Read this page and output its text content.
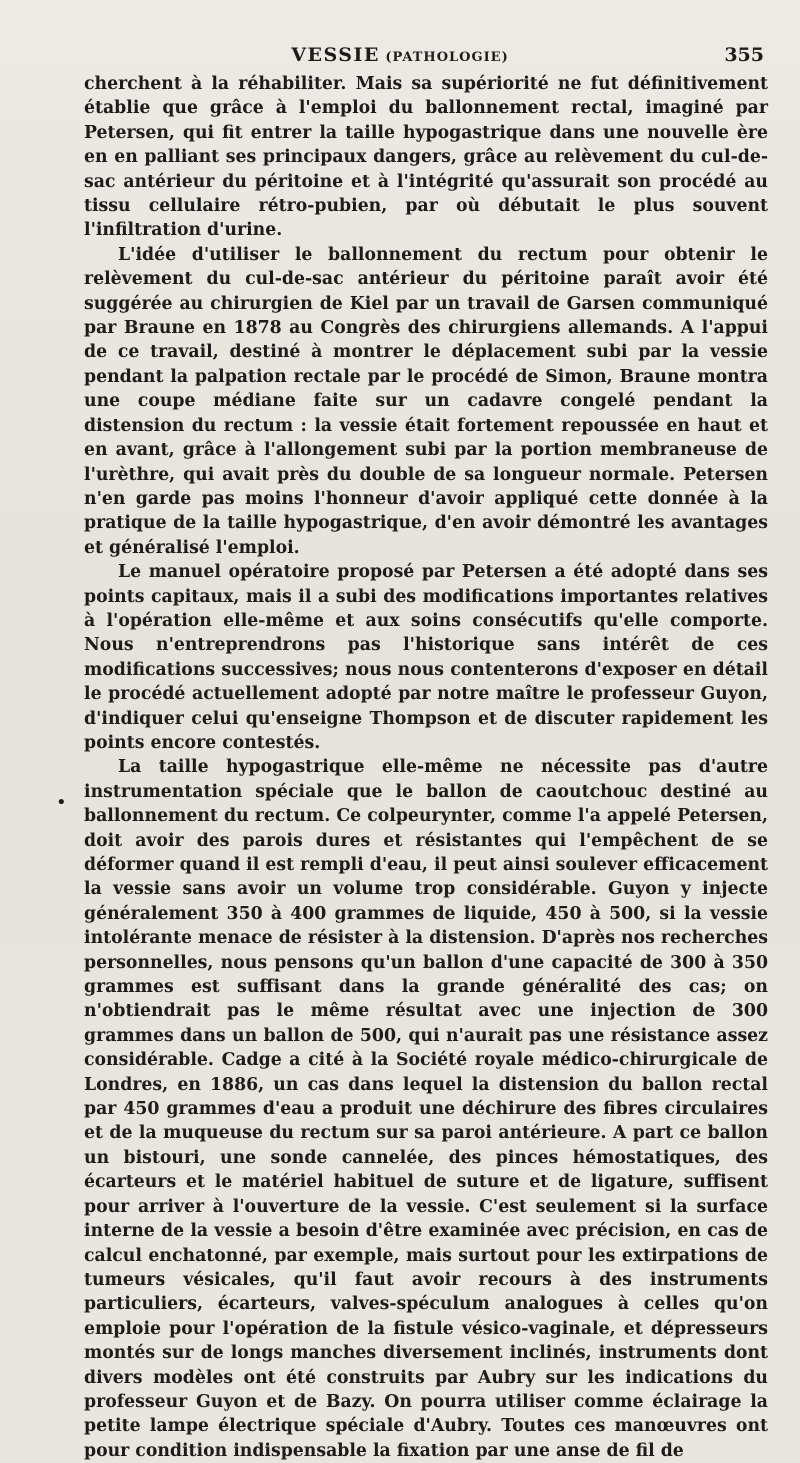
VESSIE (PATHOLOGIE)	355
•

cherchent à la réhabiliter. Mais sa supériorité ne fut définitivement établie que grâce à l'emploi du ballonnement rectal, imaginé par Petersen, qui fit entrer la taille hypogastrique dans une nouvelle ère en en palliant ses principaux dangers, grâce au relèvement du cul-de-sac antérieur du péritoine et à l'intégrité qu'assurait son procédé au tissu cellulaire rétro-pubien, par où débutait le plus souvent l'infiltration d'urine.

L'idée d'utiliser le ballonnement du rectum pour obtenir le relèvement du cul-de-sac antérieur du péritoine paraît avoir été suggérée au chirurgien de Kiel par un travail de Garsen communiqué par Braune en 1878 au Congrès des chirurgiens allemands. A l'appui de ce travail, destiné à montrer le déplacement subi par la vessie pendant la palpation rectale par le procédé de Simon, Braune montra une coupe médiane faite sur un cadavre congelé pendant la distension du rectum : la vessie était fortement repoussée en haut et en avant, grâce à l'allongement subi par la portion membraneuse de l'urèthre, qui avait près du double de sa longueur normale. Petersen n'en garde pas moins l'honneur d'avoir appliqué cette donnée à la pratique de la taille hypogastrique, d'en avoir démontré les avantages et généralisé l'emploi.

Le manuel opératoire proposé par Petersen a été adopté dans ses points capitaux, mais il a subi des modifications importantes relatives à l'opération elle-même et aux soins consécutifs qu'elle comporte. Nous n'entreprendrons pas l'historique sans intérêt de ces modifications successives; nous nous contenterons d'exposer en détail le procédé actuellement adopté par notre maître le professeur Guyon, d'indiquer celui qu'enseigne Thompson et de discuter rapidement les points encore contestés.

La taille hypogastrique elle-même ne nécessite pas d'autre instrumentation spéciale que le ballon de caoutchouc destiné au ballonnement du rectum. Ce colpeurynter, comme l'a appelé Petersen, doit avoir des parois dures et résistantes qui l'empêchent de se déformer quand il est rempli d'eau, il peut ainsi soulever efficacement la vessie sans avoir un volume trop considérable. Guyon y injecte généralement 350 à 400 grammes de liquide, 450 à 500, si la vessie intolérante menace de résister à la distension. D'après nos recherches personnelles, nous pensons qu'un ballon d'une capacité de 300 à 350 grammes est suffisant dans la grande généralité des cas; on n'obtiendrait pas le même résultat avec une injection de 300 grammes dans un ballon de 500, qui n'aurait pas une résistance assez considérable. Cadge a cité à la Société royale médico-chirurgicale de Londres, en 1886, un cas dans lequel la distension du ballon rectal par 450 grammes d'eau a produit une déchirure des fibres circulaires et de la muqueuse du rectum sur sa paroi antérieure. A part ce ballon un bistouri, une sonde cannelée, des pinces hémostatiques, des écarteurs et le matériel habituel de suture et de ligature, suffisent pour arriver à l'ouverture de la vessie. C'est seulement si la surface interne de la vessie a besoin d'être examinée avec précision, en cas de calcul enchatonné, par exemple, mais surtout pour les extirpations de tumeurs vésicales, qu'il faut avoir recours à des instruments particuliers, écarteurs, valves-spéculum analogues à celles qu'on emploie pour l'opération de la fistule vésico-vaginale, et dépresseurs montés sur de longs manches diversement inclinés, instruments dont divers modèles ont été construits par Aubry sur les indications du professeur Guyon et de Bazy. On pourra utiliser comme éclairage la petite lampe électrique spéciale d'Aubry. Toutes ces manœuvres ont pour condition indispensable la fixation par une anse de fil de
